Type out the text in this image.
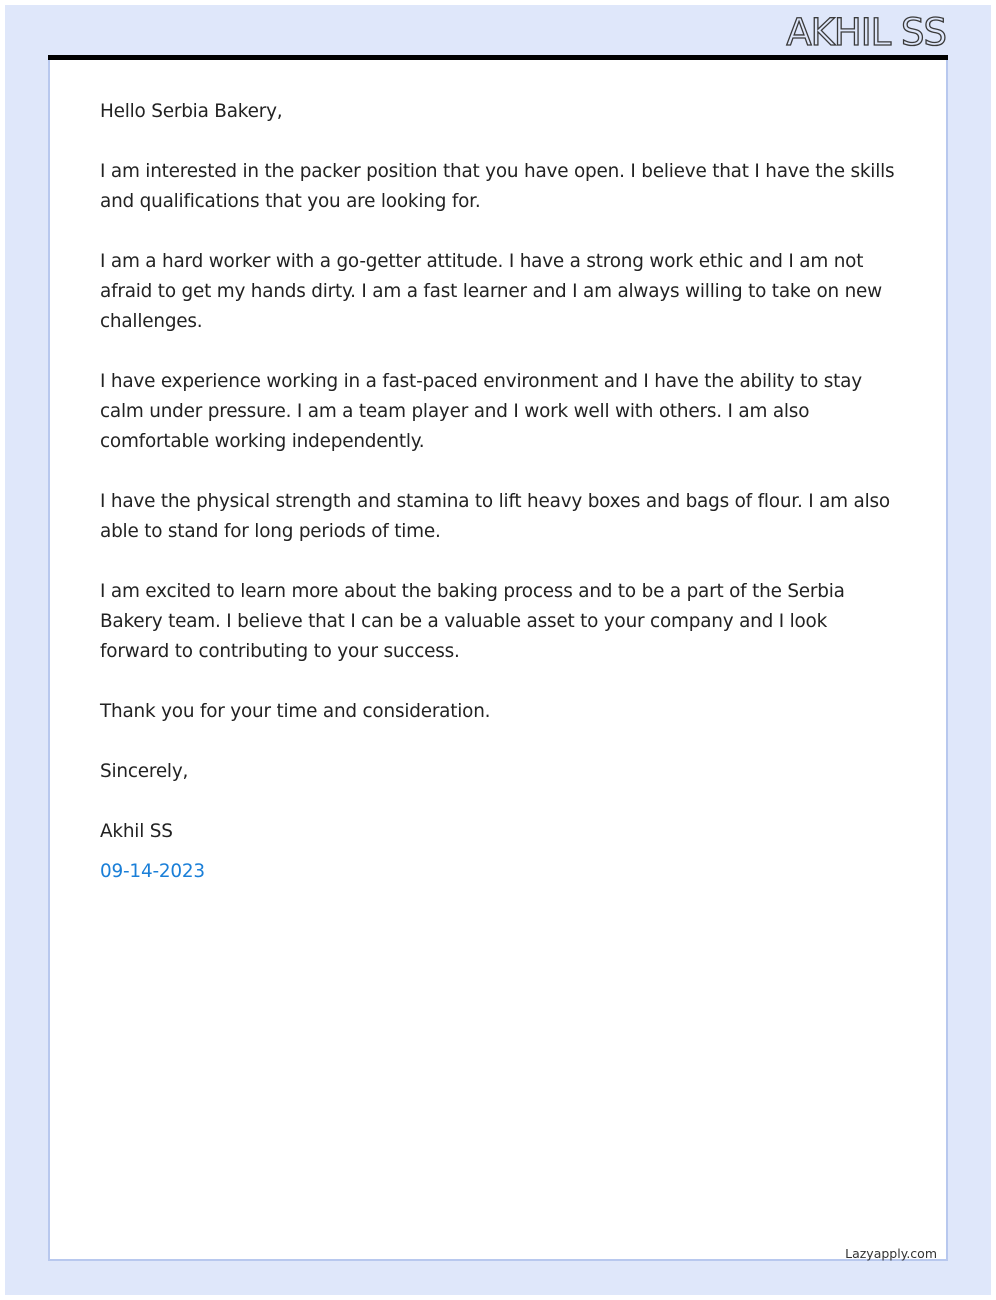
AKHIL SS

Hello Serbia Bakery,

I am interested in the packer position that you have open. I believe that I have the skills and qualifications that you are looking for.

I am a hard worker with a go-getter attitude. I have a strong work ethic and I am not afraid to get my hands dirty. I am a fast learner and I am always willing to take on new challenges.

I have experience working in a fast-paced environment and I have the ability to stay calm under pressure. I am a team player and I work well with others. I am also comfortable working independently.

I have the physical strength and stamina to lift heavy boxes and bags of flour. I am also able to stand for long periods of time.

I am excited to learn more about the baking process and to be a part of the Serbia Bakery team. I believe that I can be a valuable asset to your company and I look forward to contributing to your success.

Thank you for your time and consideration.

Sincerely,

Akhil SS

09-14-2023

Lazyapply.com
